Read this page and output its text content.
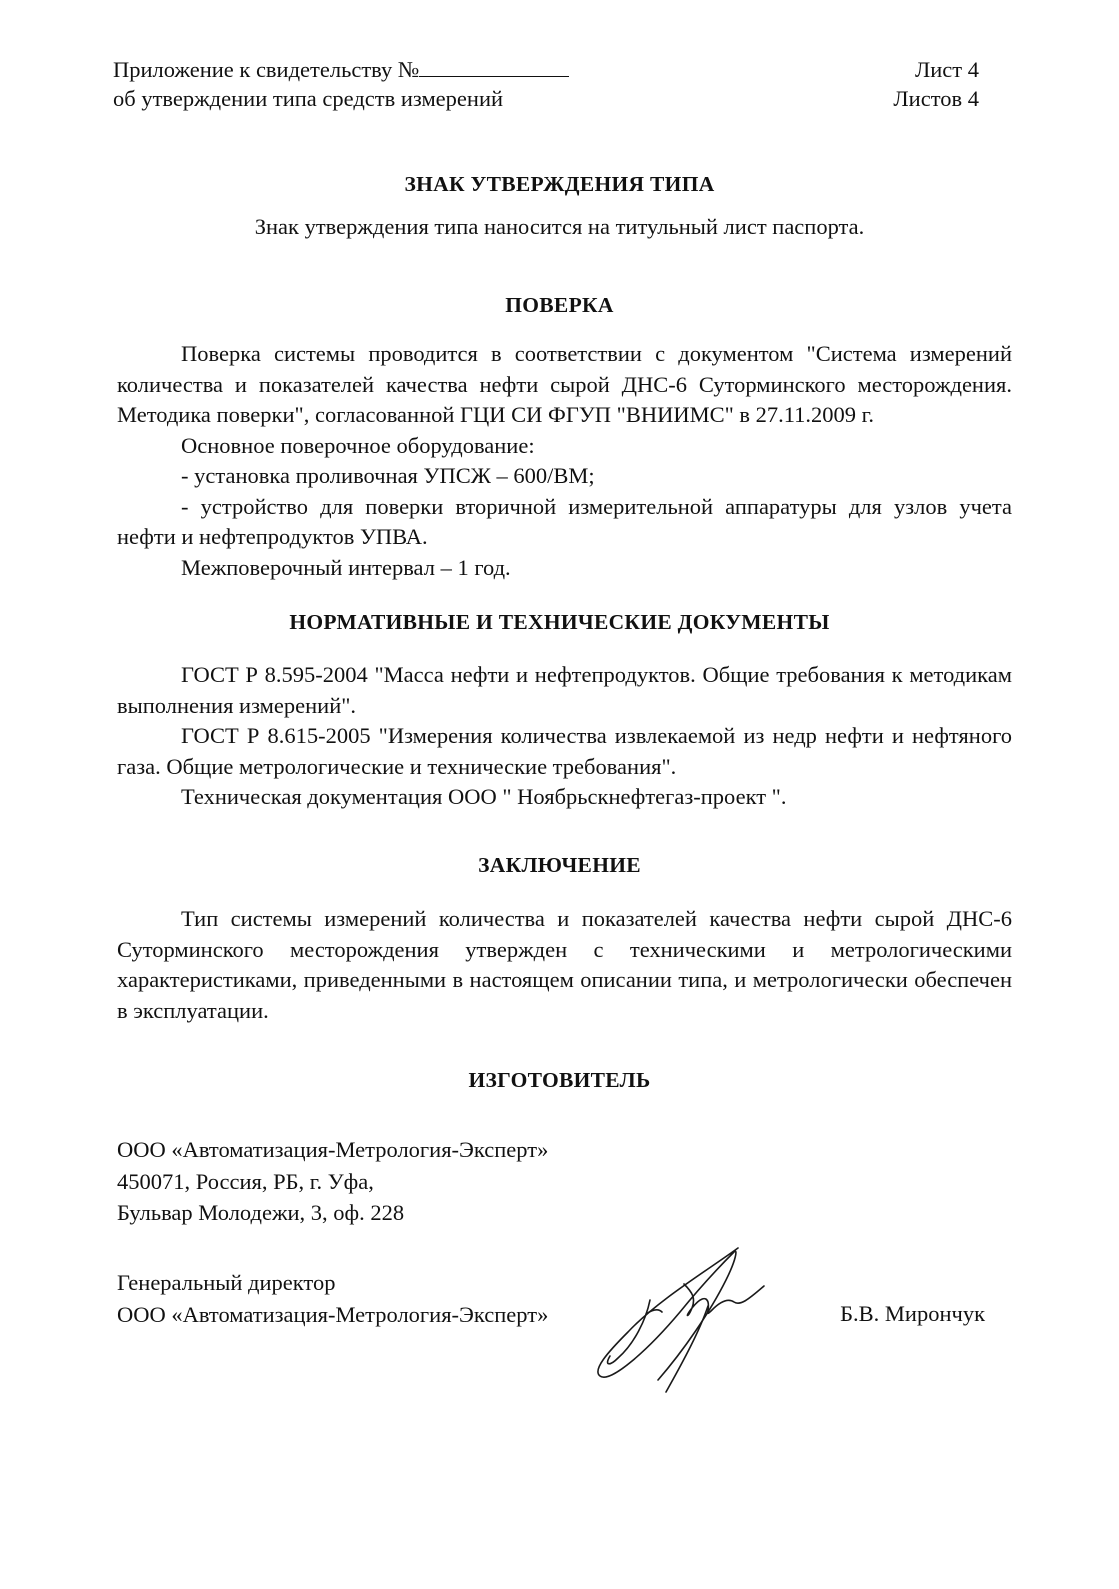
Приложение к свидетельству №
об утверждении типа средств измерений
Лист 4
Листов 4
ЗНАК УТВЕРЖДЕНИЯ ТИПА
Знак утверждения типа наносится на титульный лист паспорта.
ПОВЕРКА

Поверка системы проводится в соответствии с документом "Система измерений количества и показателей качества нефти сырой ДНС-6 Суторминского месторождения. Методика поверки", согласованной ГЦИ СИ ФГУП "ВНИИМС" в 27.11.2009 г.

Основное поверочное оборудование:

- установка проливочная УПСЖ – 600/ВМ;

- устройство для поверки вторичной измерительной аппаратуры для узлов учета нефти и нефтепродуктов УПВА.

Межповерочный интервал – 1 год.

НОРМАТИВНЫЕ И ТЕХНИЧЕСКИЕ ДОКУМЕНТЫ

ГОСТ Р 8.595-2004 "Масса нефти и нефтепродуктов. Общие требования к методикам выполнения измерений".

ГОСТ Р 8.615-2005 "Измерения количества извлекаемой из недр нефти и нефтяного газа. Общие метрологические и технические требования".

Техническая документация ООО " Ноябрьскнефтегаз-проект ".

ЗАКЛЮЧЕНИЕ

Тип системы измерений количества и показателей качества нефти сырой ДНС-6 Суторминского месторождения утвержден с техническими и метрологическими характеристиками, приведенными в настоящем описании типа, и метрологически обеспечен в эксплуатации.

ИЗГОТОВИТЕЛЬ
ООО «Автоматизация-Метрология-Эксперт»
450071, Россия, РБ, г. Уфа,
Бульвар Молодежи, 3, оф. 228
Генеральный директор
ООО «Автоматизация-Метрология-Эксперт»	Б.В. Мирончук
